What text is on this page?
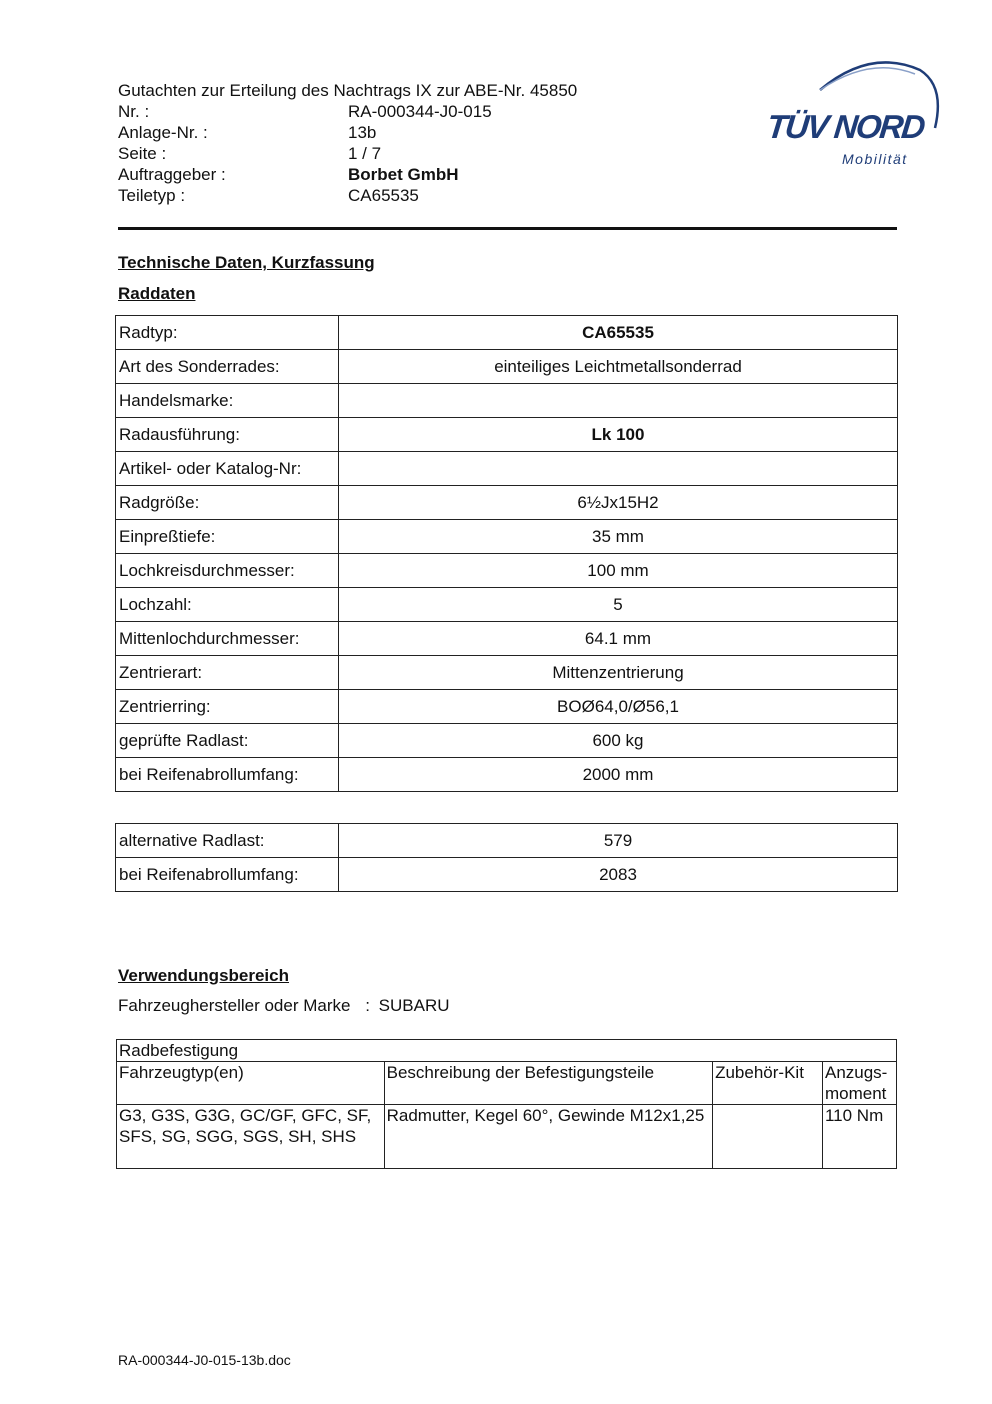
Gutachten zur Erteilung des Nachtrags IX zur ABE-Nr. 45850
Nr. :	RA-000344-J0-015
Anlage-Nr. :	13b
Seite :	1 / 7
Auftraggeber :	Borbet GmbH
Teiletyp :	CA65535
TÜV NORD
Mobilität
Technische Daten, Kurzfassung
Raddaten
Radtyp:	CA65535
Art des Sonderrades:	einteiliges Leichtmetallsonderrad
Handelsmarke:	
Radausführung:	Lk 100
Artikel- oder Katalog-Nr:	
Radgröße:	6½Jx15H2
Einpreßtiefe:	35 mm
Lochkreisdurchmesser:	100 mm
Lochzahl:	5
Mittenlochdurchmesser:	64.1 mm
Zentrierart:	Mittenzentrierung
Zentrierring:	BOØ64,0/Ø56,1
geprüfte Radlast:	600 kg
bei Reifenabrollumfang:	2000 mm
alternative Radlast:	579
bei Reifenabrollumfang:	2083
Verwendungsbereich
Fahrzeughersteller oder Marke : SUBARU
Radbefestigung			
Fahrzeugtyp(en)	Beschreibung der Befestigungsteile	Zubehör-Kit	Anzugs-moment
G3, G3S, G3G, GC/GF, GFC, SF, SFS, SG, SGG, SGS, SH, SHS	Radmutter, Kegel 60°, Gewinde M12x1,25		110 Nm
RA-000344-J0-015-13b.doc
